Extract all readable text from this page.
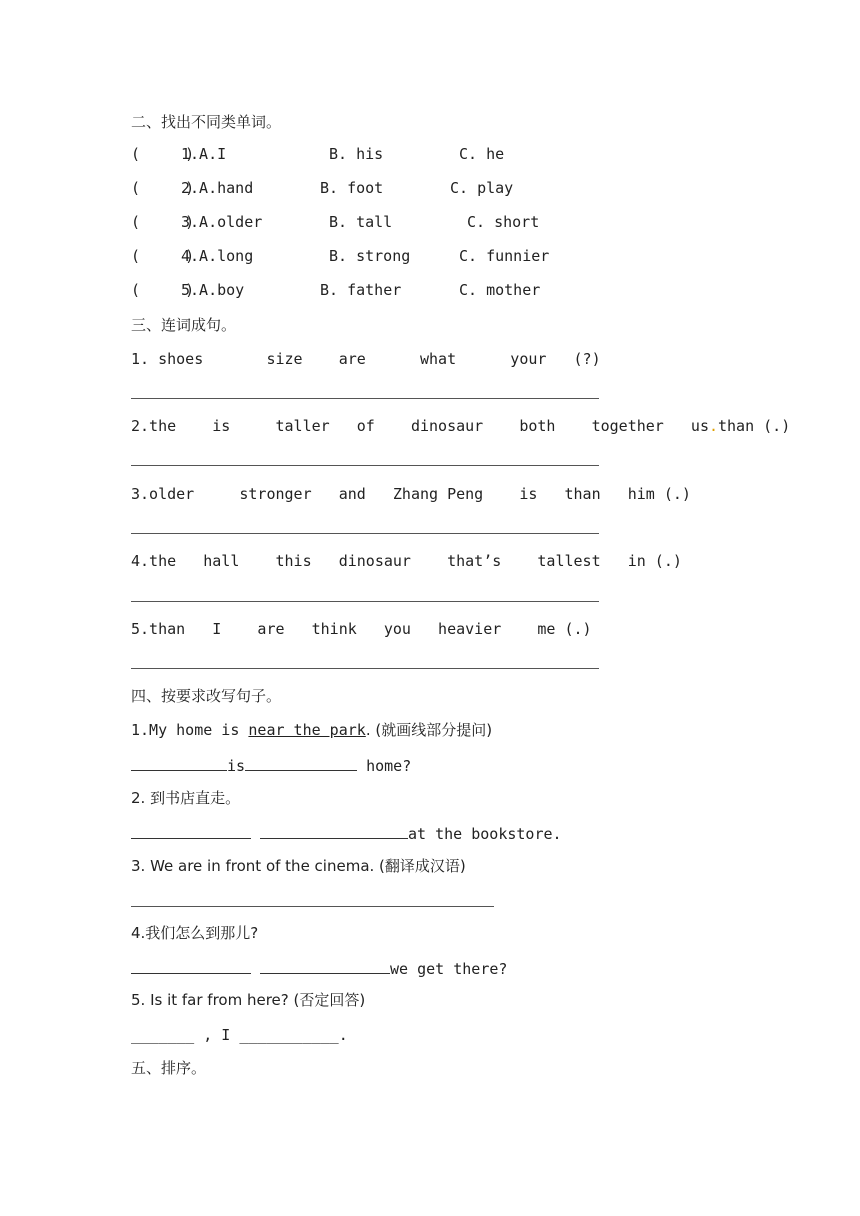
二、找出不同类单词。
(     )
1.A.I	B. his	C. he
(     )
2.A.hand	B. foot	C. play
(     )
3.A.older	B. tall	C. short
(     )
4.A.long	B. strong	C. funnier
(     )
5.A.boy	B. father	C. mother
三、连词成句。
1. shoes       size    are      what      your   (?)
2.the    is     taller   of    dinosaur    both    together   us.than (.)
3.older     stronger   and   Zhang Peng    is   than   him (.)
4.the   hall    this   dinosaur    that’s    tallest   in (.)
5.than   I    are   think   you   heavier    me (.)
四、按要求改写句子。
1.My home is near the park. (就画线部分提问)
is	home?
2. 到书店直走。
at the bookstore.
3. We are in front of the cinema. (翻译成汉语)
4.我们怎么到那儿?
we get there?
5. Is it far from here? (否定回答)
_______ , I ___________.
五、排序。
